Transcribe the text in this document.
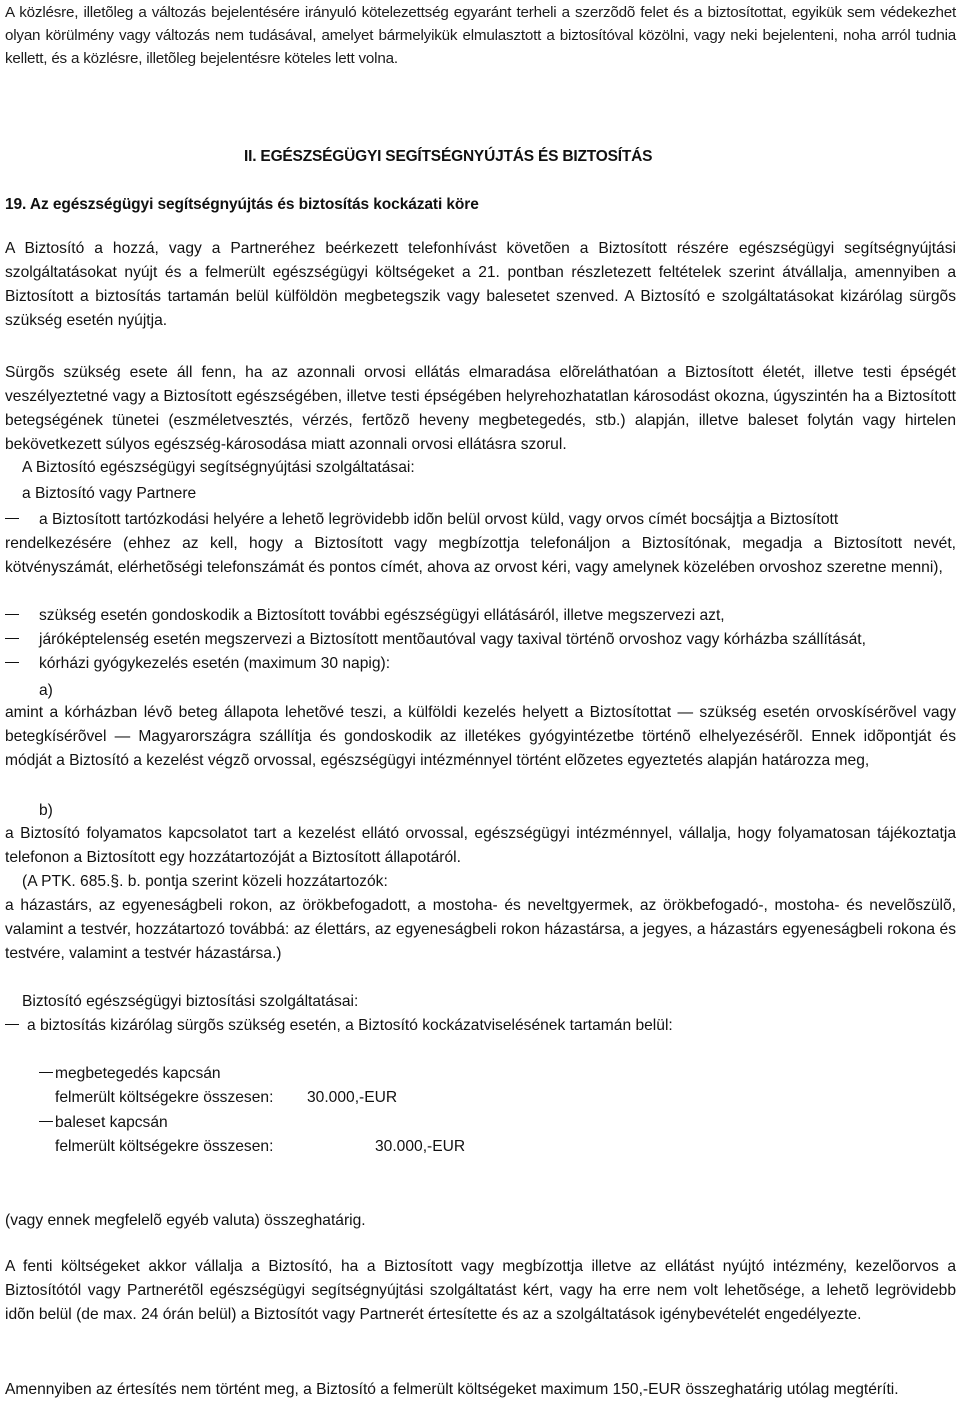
A közlésre, illetõleg a változás bejelentésére irányuló kötelezettség egyaránt terheli a szerzõdõ felet és a biztosítottat, egyikük sem védekezhet olyan körülmény vagy változás nem tudásával, amelyet bármelyikük elmulasztott a biztosítóval közölni, vagy neki bejelenteni, noha arról tudnia kellett, és a közlésre, illetõleg bejelentésre köteles lett volna.
II. EGÉSZSÉGÜGYI SEGÍTSÉGNYÚJTÁS ÉS BIZTOSÍTÁS
19. Az egészségügyi segítségnyújtás és biztosítás kockázati köre
A Biztosító a hozzá, vagy a Partneréhez beérkezett telefonhívást követõen a Biztosított részére egészségügyi segítségnyújtási szolgáltatásokat nyújt és a felmerült egészségügyi költségeket a 21. pontban részletezett feltételek szerint átvállalja, amennyiben a Biztosított a biztosítás tartamán belül külföldön megbetegszik vagy balesetet szenved. A Biztosító e szolgáltatásokat kizárólag sürgõs szükség esetén nyújtja.
Sürgõs szükség esete áll fenn, ha az azonnali orvosi ellátás elmaradása elõreláthatóan a Biztosított életét, illetve testi épségét veszélyeztetné vagy a Biztosított egészségében, illetve testi épségében helyrehozhatatlan károsodást okozna, úgyszintén ha a Biztosított betegségének tünetei (eszméletvesztés, vérzés, fertõzõ heveny megbetegedés, stb.) alapján, illetve baleset folytán vagy hirtelen bekövetkezett súlyos egészség-károsodása miatt azonnali orvosi ellátásra szorul.
A Biztosító egészségügyi segítségnyújtási szolgáltatásai:
a Biztosító vagy Partnere
a Biztosított tartózkodási helyére a lehetõ legrövidebb idõn belül orvost küld, vagy orvos címét bocsájtja a Biztosított
rendelkezésére (ehhez az kell, hogy a Biztosított vagy megbízottja telefonáljon a Biztosítónak, megadja a Biztosított nevét, kötvényszámát, elérhetõségi telefonszámát és pontos címét, ahova az orvost kéri, vagy amelynek közelében orvoshoz szeretne menni),
szükség esetén gondoskodik a Biztosított további egészségügyi ellátásáról, illetve megszervezi azt,
járóképtelenség esetén megszervezi a Biztosított mentõautóval vagy taxival történõ orvoshoz vagy kórházba szállítását,
kórházi gyógykezelés esetén (maximum 30 napig):
a)
amint a kórházban lévõ beteg állapota lehetõvé teszi, a külföldi kezelés helyett a Biztosítottat — szükség esetén orvoskísérõvel vagy betegkísérõvel — Magyarországra szállítja és gondoskodik az illetékes gyógyintézetbe történõ elhelyezésérõl. Ennek idõpontját és módját a Biztosító a kezelést végzõ orvossal, egészségügyi intézménnyel történt elõzetes egyeztetés alapján határozza meg,
b)
a Biztosító folyamatos kapcsolatot tart a kezelést ellátó orvossal, egészségügyi intézménnyel, vállalja, hogy folyamatosan tájékoztatja telefonon a Biztosított egy hozzátartozóját a Biztosított állapotáról.
(A PTK. 685.§. b. pontja szerint közeli hozzátartozók:
a házastárs, az egyeneságbeli rokon, az örökbefogadott, a mostoha- és neveltgyermek, az örökbefogadó-, mostoha- és nevelõszülõ, valamint a testvér, hozzátartozó továbbá: az élettárs, az egyeneságbeli rokon házastársa, a jegyes, a házastárs egyeneságbeli rokona és testvére, valamint a testvér házastársa.)
Biztosító egészségügyi biztosítási szolgáltatásai:
a biztosítás kizárólag sürgõs szükség esetén, a Biztosító kockázatviselésének tartamán belül:
megbetegedés kapcsán
felmerült költségekre összesen: 30.000,-EUR
baleset kapcsán
felmerült költségekre összesen:	30.000,-EUR
(vagy ennek megfelelõ egyéb valuta) összeghatárig.
A fenti költségeket akkor vállalja a Biztosító, ha a Biztosított vagy megbízottja illetve az ellátást nyújtó intézmény, kezelõorvos a Biztosítótól vagy Partnerétõl egészségügyi segítségnyújtási szolgáltatást kért, vagy ha erre nem volt lehetõsége, a lehetõ legrövidebb idõn belül (de max. 24 órán belül) a Biztosítót vagy Partnerét értesítette és az a szolgáltatások igénybevételét engedélyezte.
Amennyiben az értesítés nem történt meg, a Biztosító a felmerült költségeket maximum 150,-EUR összeghatárig utólag megtéríti.
